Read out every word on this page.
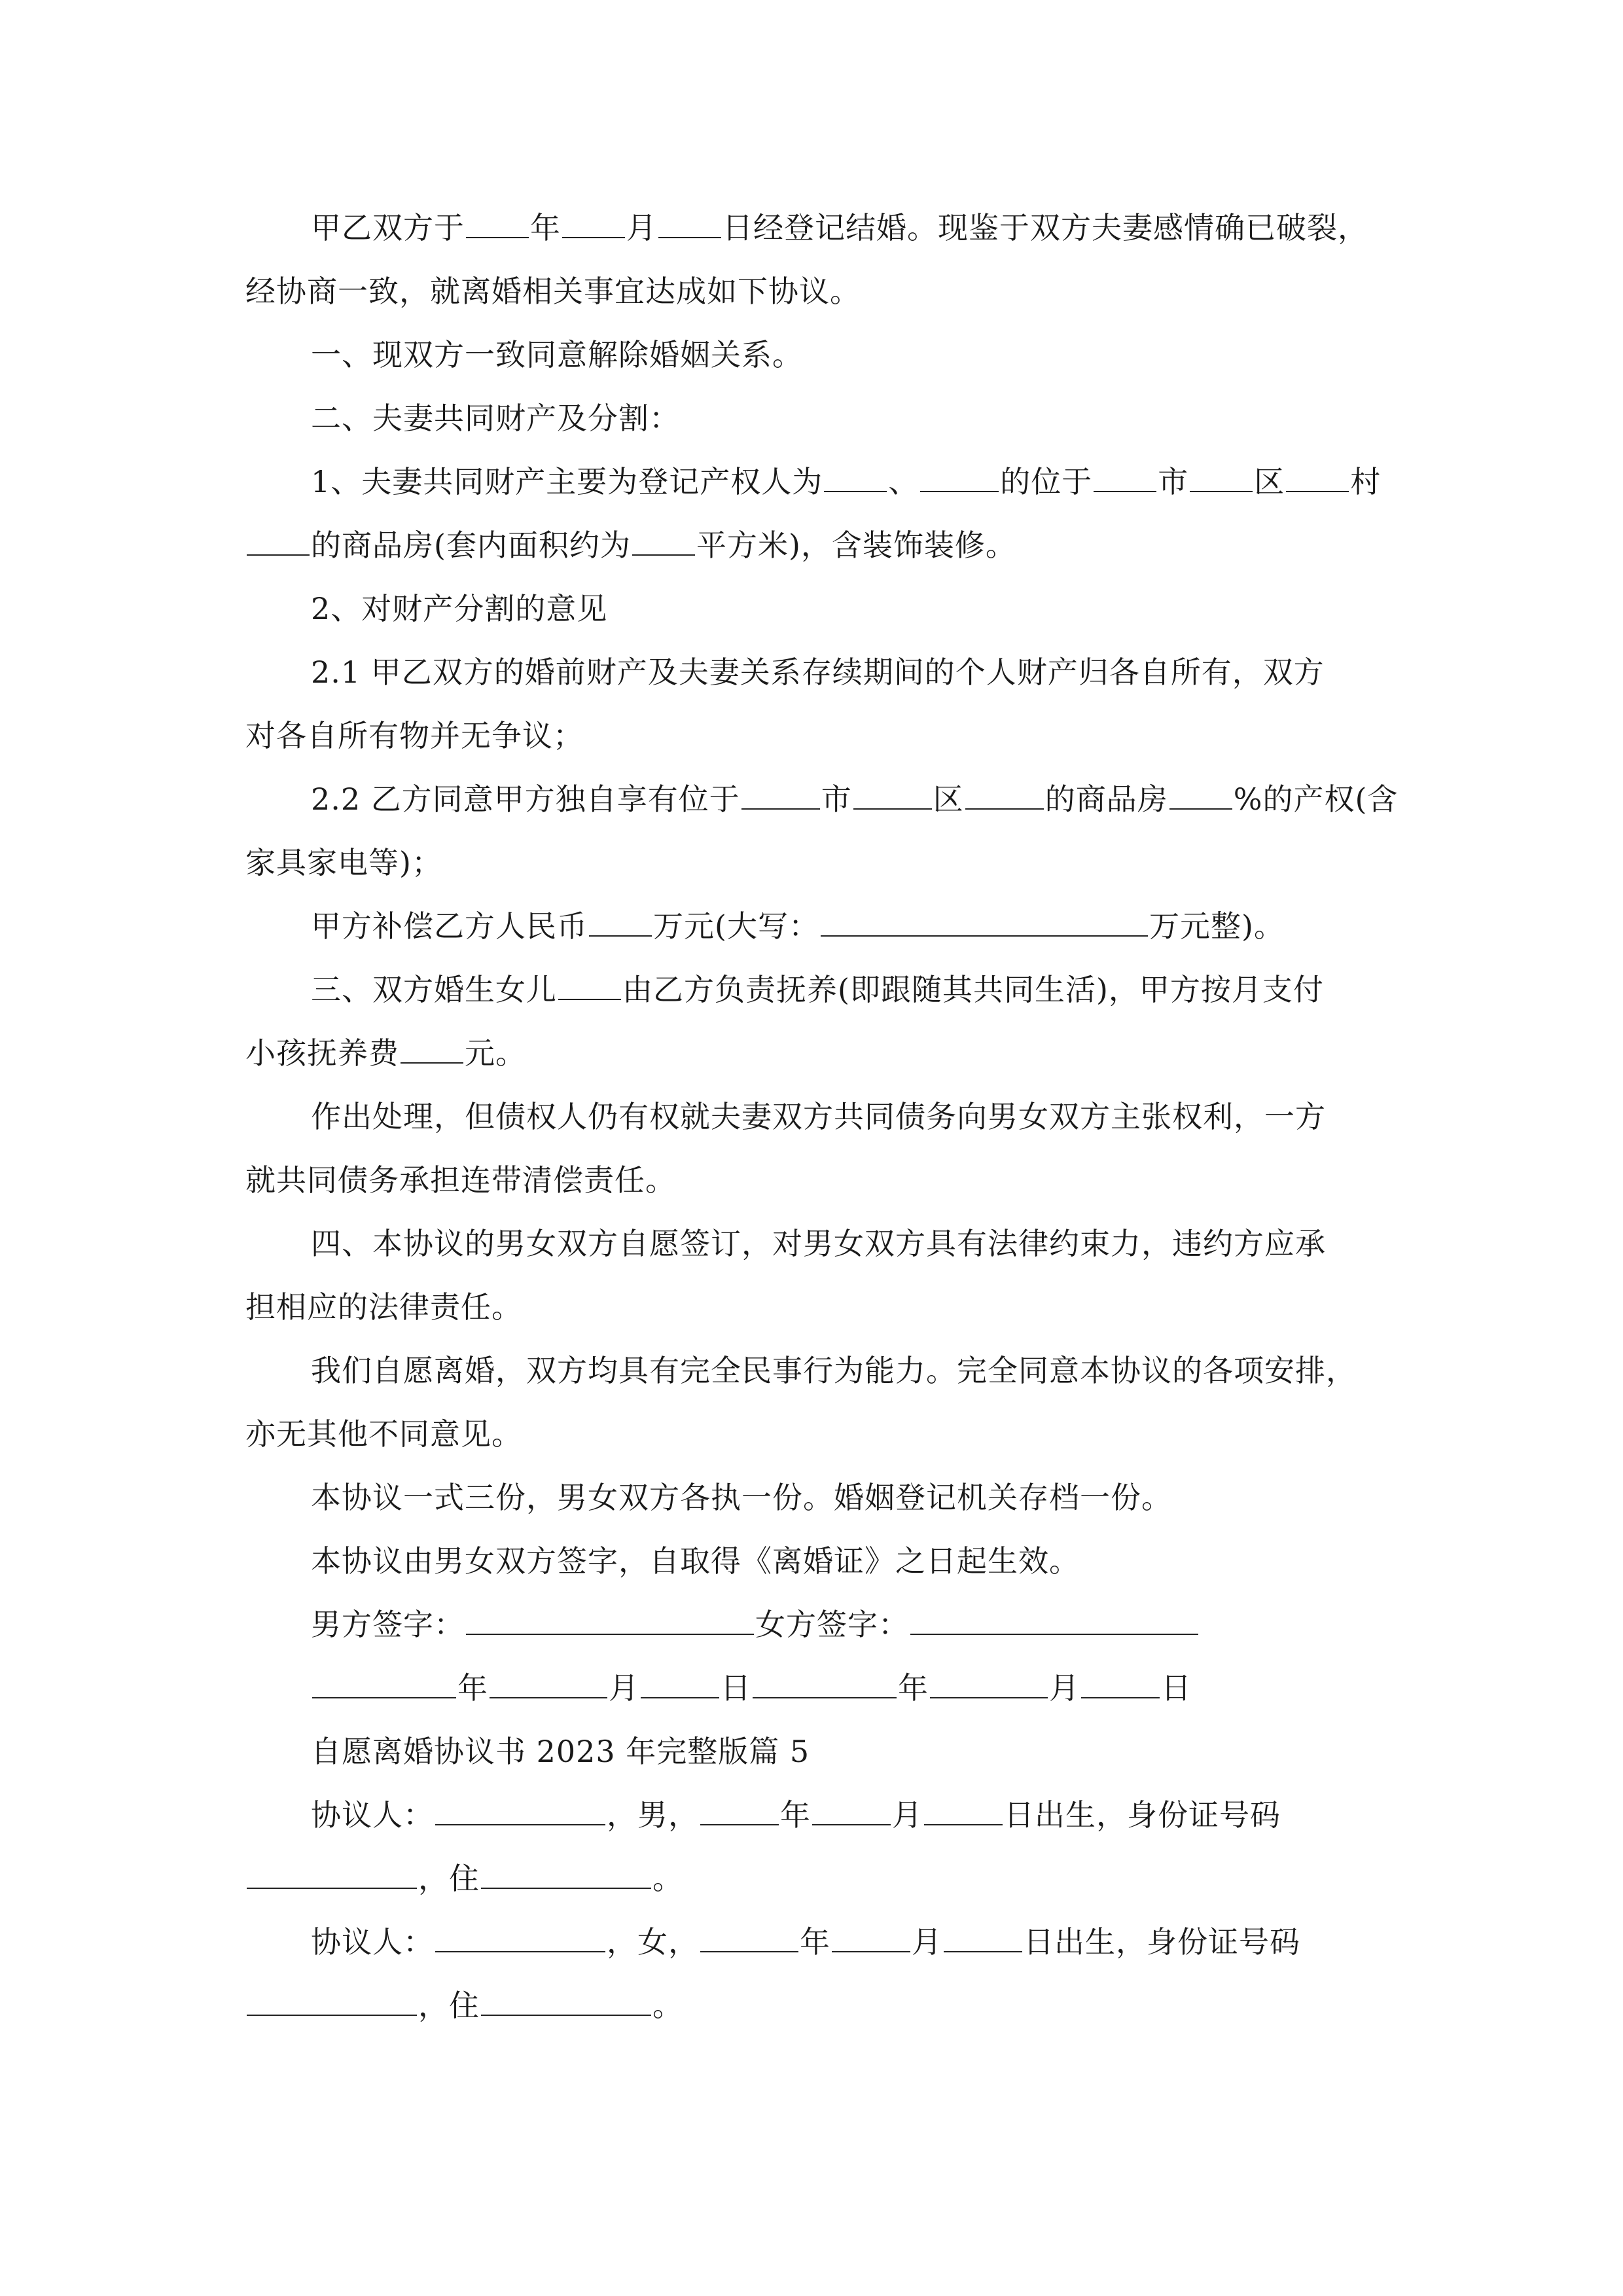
甲乙双方于 年 月 日经登记结婚。现鉴于双方夫妻感情确已破裂，

经协商一致，就离婚相关事宜达成如下协议。

一、现双方一致同意解除婚姻关系。

二、夫妻共同财产及分割：

1、夫妻共同财产主要为登记产权人为 、	的位于 市 区 村

的商品房(套内面积约为 平方米)，含装饰装修。

2、对财产分割的意见

2.1 甲乙双方的婚前财产及夫妻关系存续期间的个人财产归各自所有，双方

对各自所有物并无争议；

2.2 乙方同意甲方独自享有位于	市	区	的商品房 %的产权(含

家具家电等)；

甲方补偿乙方人民币 万元(大写：	万元整)。

三、双方婚生女儿 由乙方负责抚养(即跟随其共同生活)，甲方按月支付

小孩抚养费 元。

作出处理，但债权人仍有权就夫妻双方共同债务向男女双方主张权利，一方

就共同债务承担连带清偿责任。

四、本协议的男女双方自愿签订，对男女双方具有法律约束力，违约方应承

担相应的法律责任。

我们自愿离婚，双方均具有完全民事行为能力。完全同意本协议的各项安排，

亦无其他不同意见。

本协议一式三份，男女双方各执一份。婚姻登记机关存档一份。

本协议由男女双方签字，自取得《离婚证》之日起生效。

男方签字：	女方签字：

年	月	日	年	月	日

自愿离婚协议书 2023 年完整版篇 5

协议人：	，男，	年	月	日出生，身份证号码

，住	。

协议人：	，女，	年	月	日出生，身份证号码

，住	。
